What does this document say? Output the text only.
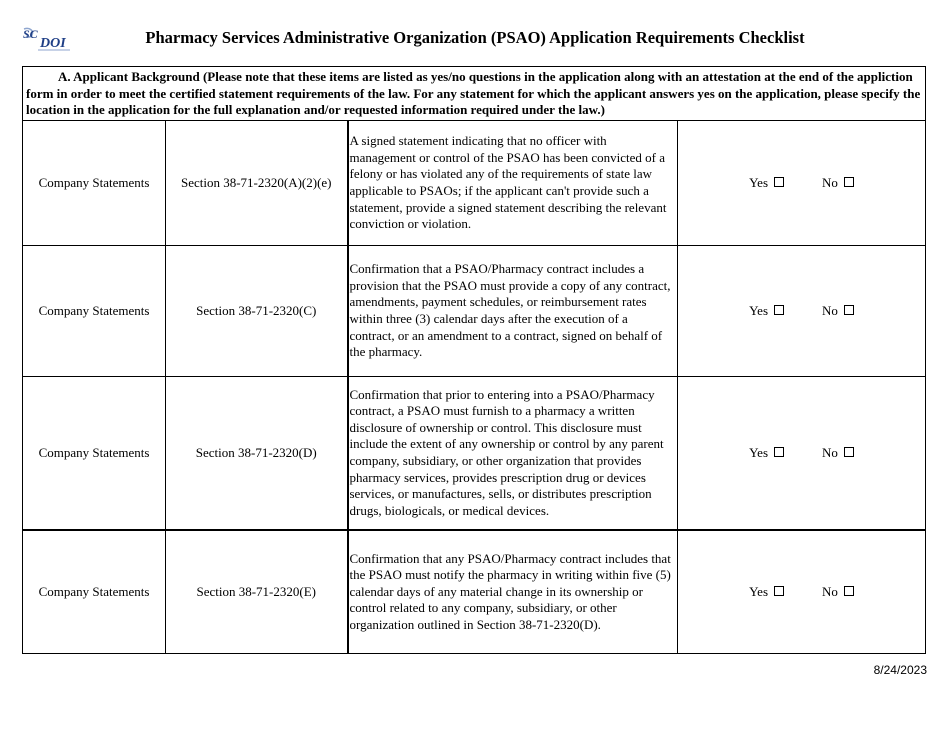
SC
DOI	Pharmacy Services Administrative Organization (PSAO) Application Requirements Checklist
A. Applicant Background (Please note that these items are listed as yes/no questions in the application along with an attestation at the end of the appliction form in order to meet the certified statement requirements of the law. For any statement for which the applicant answers yes on the application, please specify the location in the application for the full explanation and/or requested information required under the law.)			
Company Statements	Section 38-71-2320(A)(2)(e)	A signed statement indicating that no officer with management or control of the PSAO has been convicted of a felony or has violated any of the requirements of state law applicable to PSAOs; if the applicant can't provide such a statement, provide a signed statement describing the relevant conviction or violation.	Yes No
Company Statements	Section 38-71-2320(C)	Confirmation that a PSAO/Pharmacy contract includes a provision that the PSAO must provide a copy of any contract, amendments, payment schedules, or reimbursement rates within three (3) calendar days after the execution of a contract, or an amendment to a contract, signed on behalf of the pharmacy.	Yes No
Company Statements	Section 38-71-2320(D)	Confirmation that prior to entering into a PSAO/Pharmacy contract, a PSAO must furnish to a pharmacy a written disclosure of ownership or control. This disclosure must include the extent of any ownership or control by any parent company, subsidiary, or other organization that provides pharmacy services, provides prescription drug or devices services, or manufactures, sells, or distributes prescription drugs, biologicals, or medical devices.	Yes No
Company Statements	Section 38-71-2320(E)	Confirmation that any PSAO/Pharmacy contract includes that the PSAO must notify the pharmacy in writing within five (5) calendar days of any material change in its ownership or control related to any company, subsidiary, or other organization outlined in Section 38-71-2320(D).	Yes No
8/24/2023
